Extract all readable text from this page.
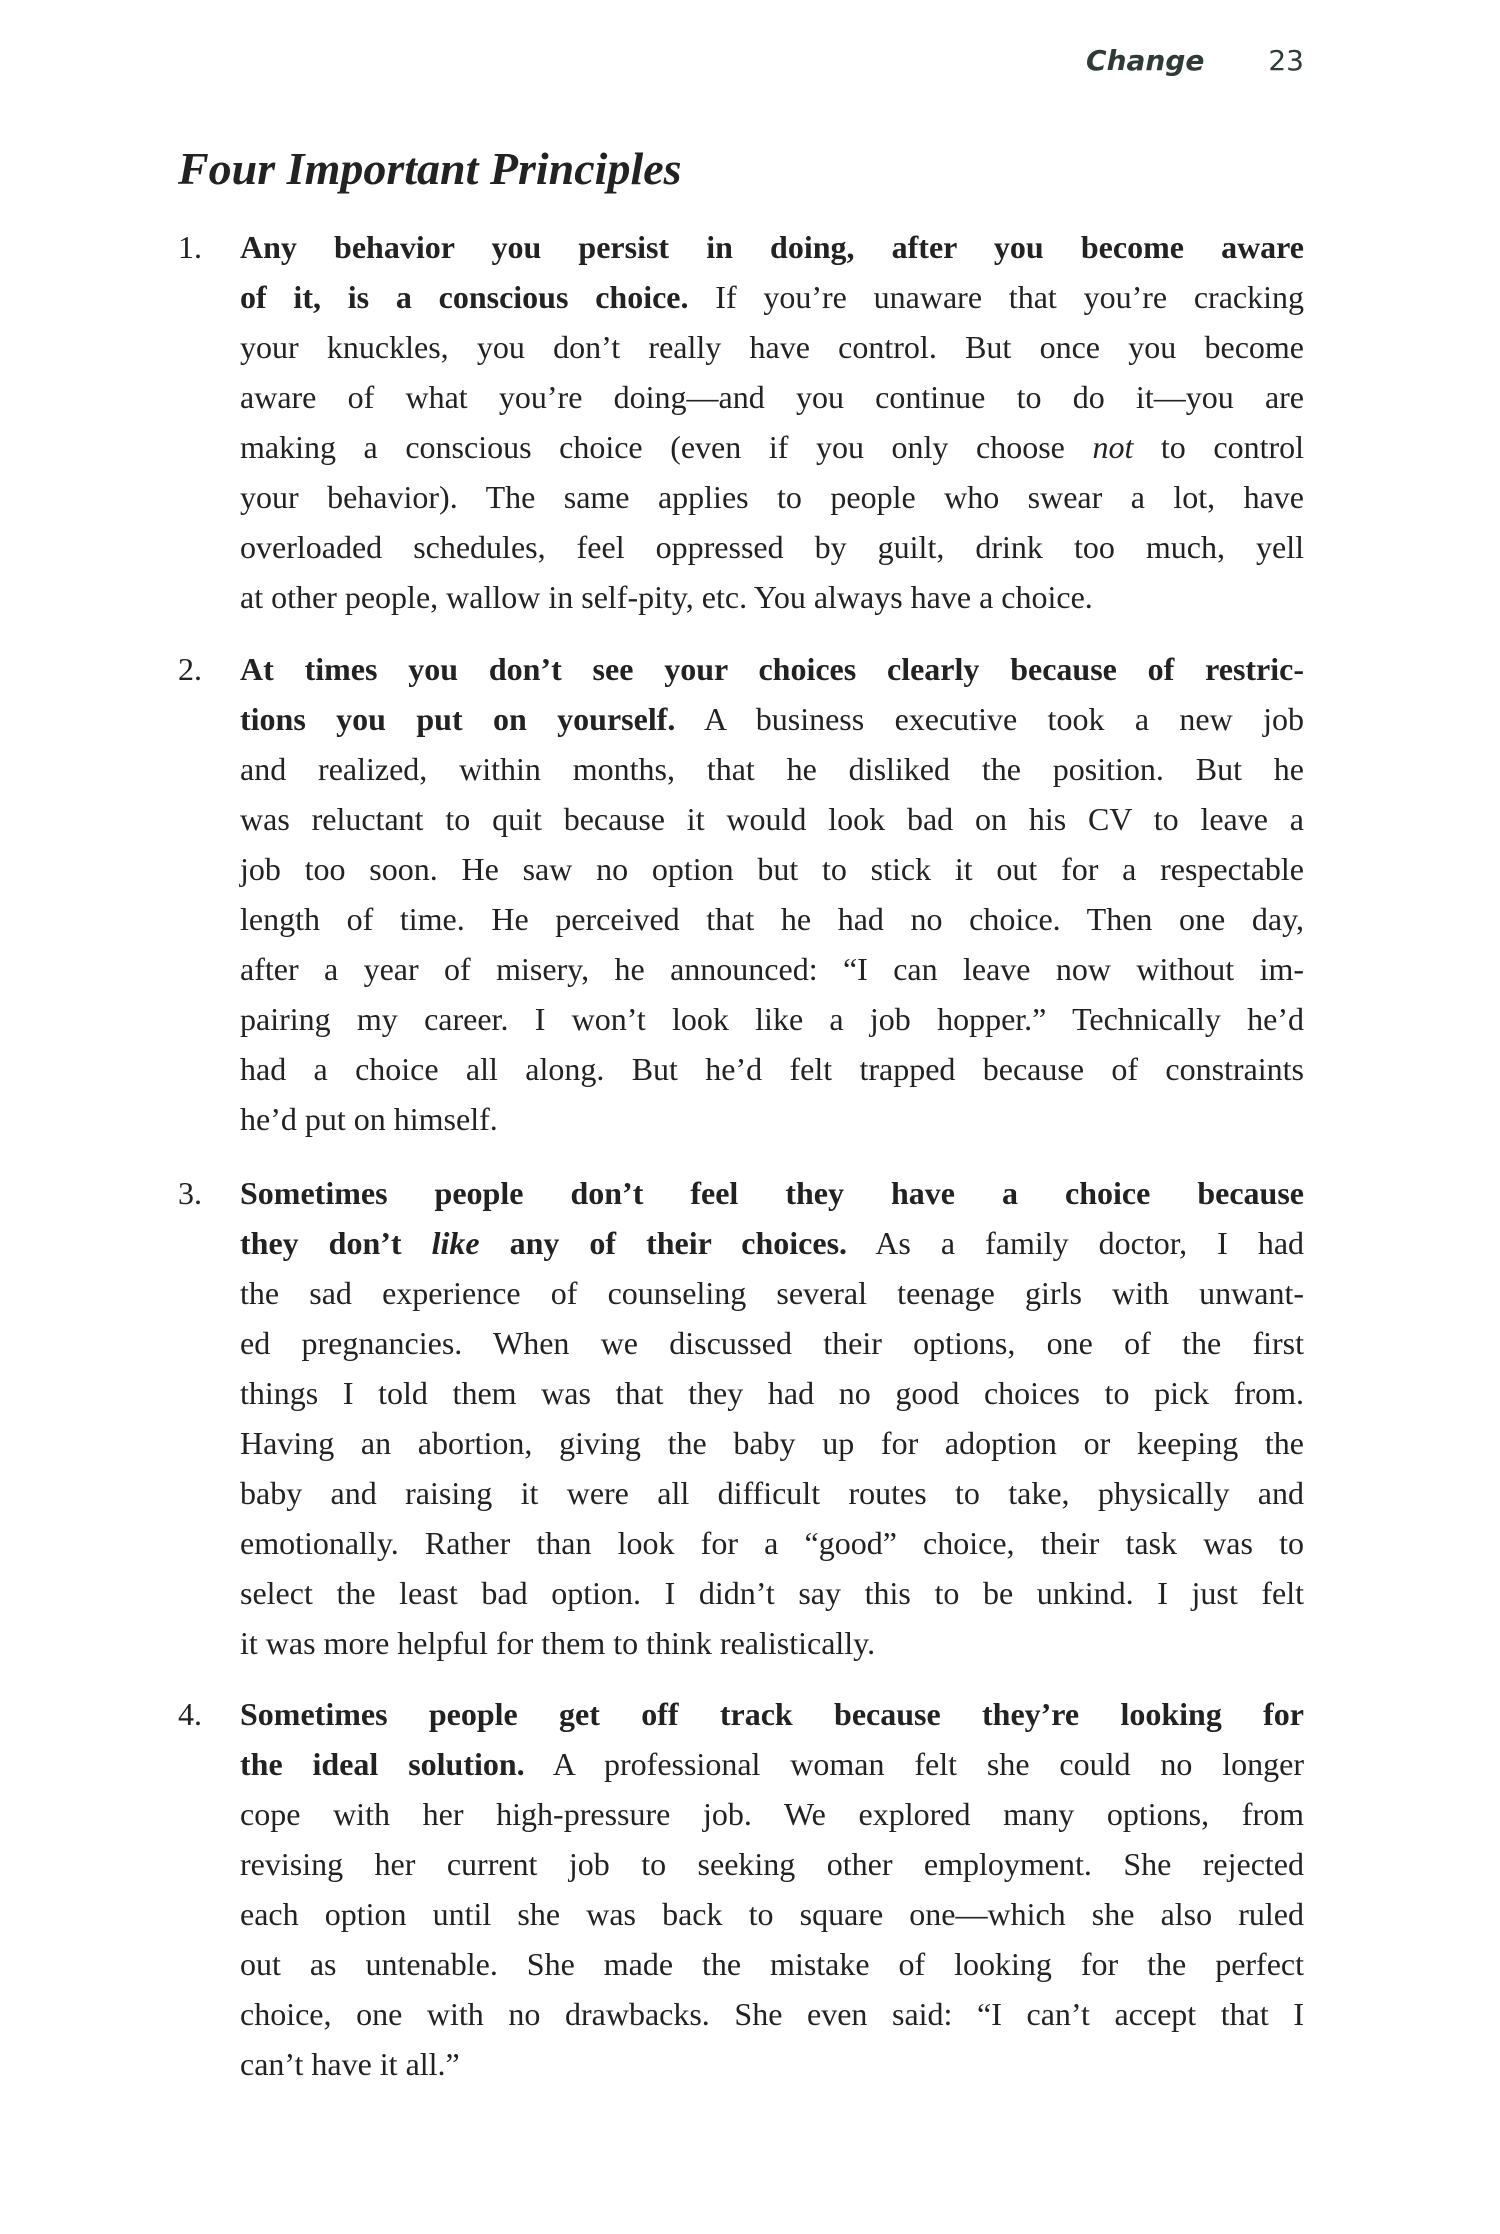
Change 23
Four Important Principles
1. Any behavior you persist in doing, after you become aware
of it, is a conscious choice. If you’re unaware that you’re cracking
your knuckles, you don’t really have control. But once you become
aware of what you’re doing—and you continue to do it—you are
making a conscious choice (even if you only choose not to control
your behavior). The same applies to people who swear a lot, have
overloaded schedules, feel oppressed by guilt, drink too much, yell
at other people, wallow in self-pity, etc. You always have a choice.
2. At times you don’t see your choices clearly because of restric-
tions you put on yourself. A business executive took a new job
and realized, within months, that he disliked the position. But he
was reluctant to quit because it would look bad on his CV to leave a
job too soon. He saw no option but to stick it out for a respectable
length of time. He perceived that he had no choice. Then one day,
after a year of misery, he announced: “I can leave now without im-
pairing my career. I won’t look like a job hopper.” Technically he’d
had a choice all along. But he’d felt trapped because of constraints
he’d put on himself.
3. Sometimes people don’t feel they have a choice because
they don’t like any of their choices. As a family doctor, I had
the sad experience of counseling several teenage girls with unwant-
ed pregnancies. When we discussed their options, one of the first
things I told them was that they had no good choices to pick from.
Having an abortion, giving the baby up for adoption or keeping the
baby and raising it were all difficult routes to take, physically and
emotionally. Rather than look for a “good” choice, their task was to
select the least bad option. I didn’t say this to be unkind. I just felt
it was more helpful for them to think realistically.
4. Sometimes people get off track because they’re looking for
the ideal solution. A professional woman felt she could no longer
cope with her high-pressure job. We explored many options, from
revising her current job to seeking other employment. She rejected
each option until she was back to square one—which she also ruled
out as untenable. She made the mistake of looking for the perfect
choice, one with no drawbacks. She even said: “I can’t accept that I
can’t have it all.”
